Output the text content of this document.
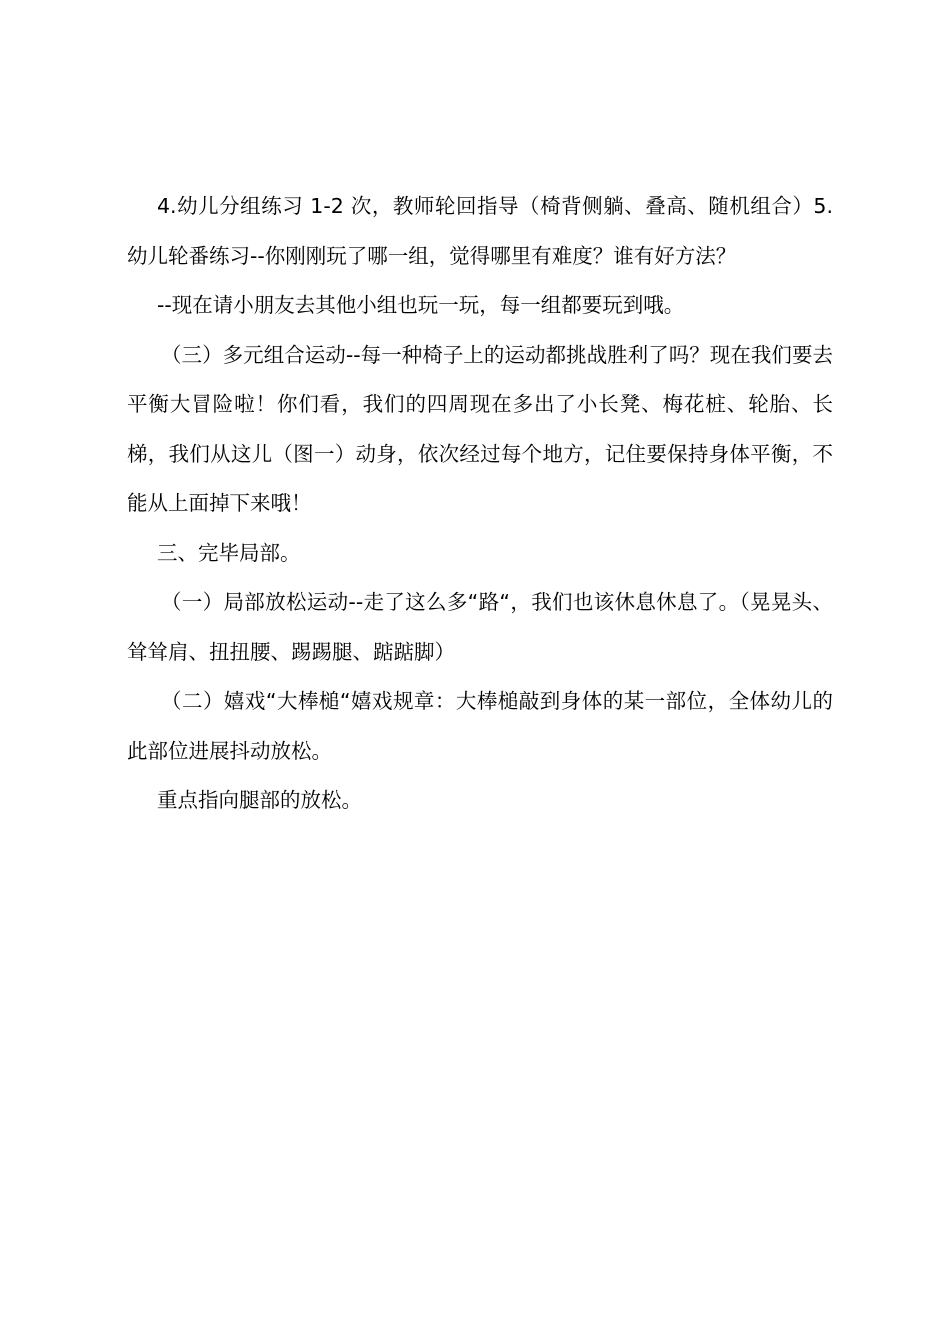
4.幼儿分组练习 1-2 次，教师轮回指导（椅背侧躺、叠高、随机组合）5.幼儿轮番练习--你刚刚玩了哪一组，觉得哪里有难度？谁有好方法？

--现在请小朋友去其他小组也玩一玩，每一组都要玩到哦。

（三）多元组合运动--每一种椅子上的运动都挑战胜利了吗？现在我们要去平衡大冒险啦！你们看，我们的四周现在多出了小长凳、梅花桩、轮胎、长梯，我们从这儿（图一）动身，依次经过每个地方，记住要保持身体平衡，不能从上面掉下来哦！

三、完毕局部。

（一）局部放松运动--走了这么多“路“，我们也该休息休息了。（晃晃头、耸耸肩、扭扭腰、踢踢腿、踮踮脚）

（二）嬉戏“大棒槌“嬉戏规章：大棒槌敲到身体的某一部位，全体幼儿的此部位进展抖动放松。

重点指向腿部的放松。
